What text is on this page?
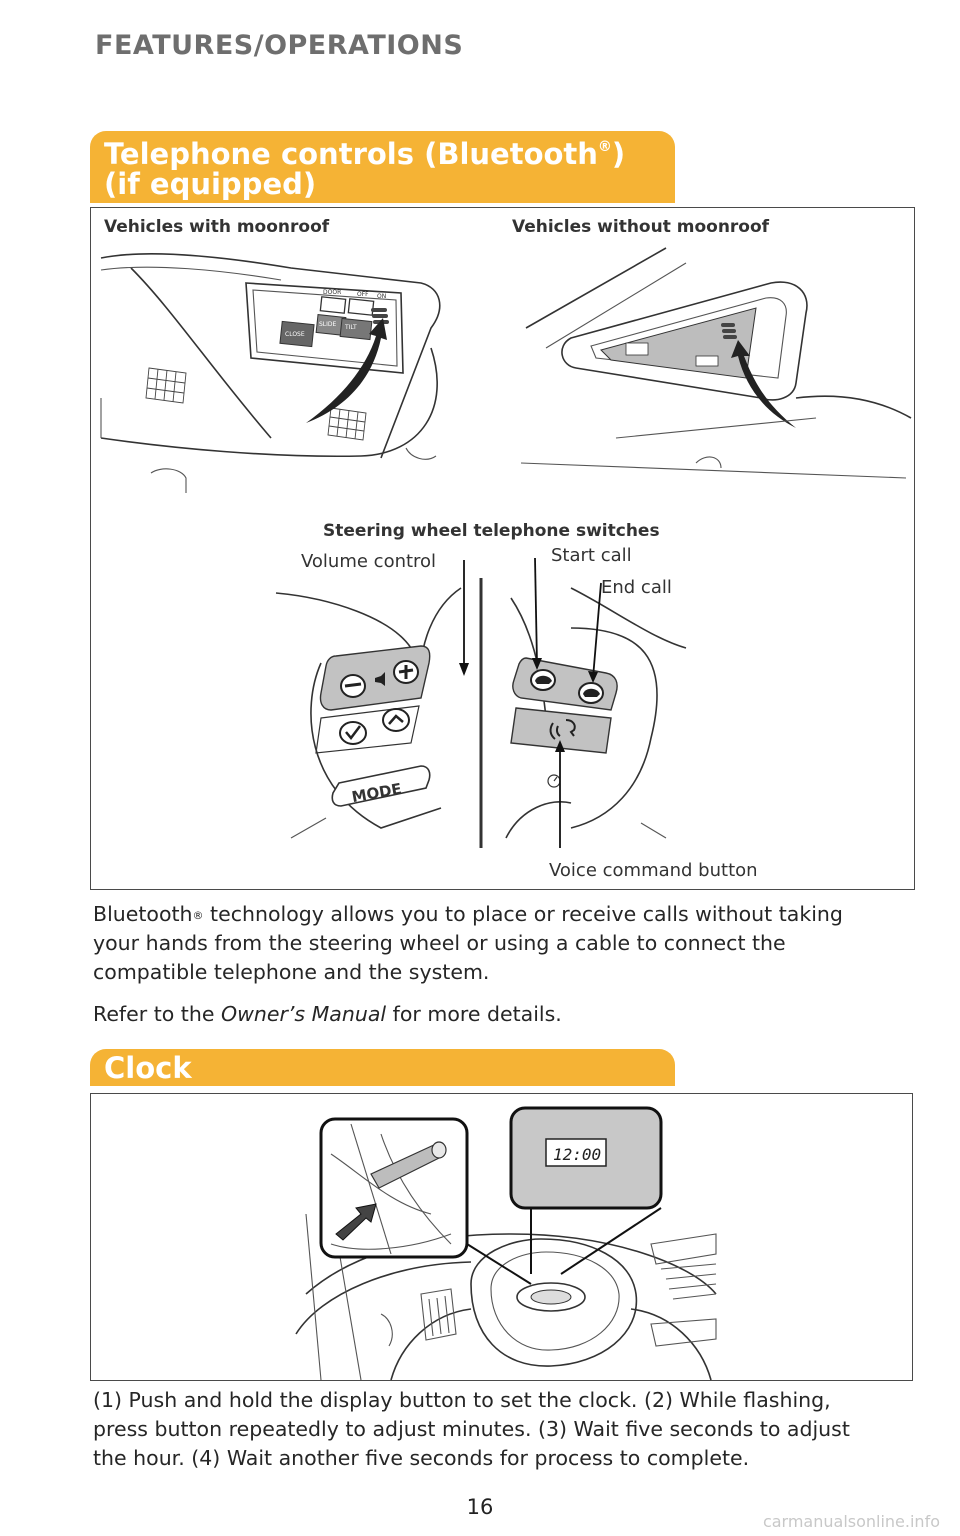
FEATURES/OPERATIONS
Telephone controls (Bluetooth®)
(if equipped)
Vehicles with moonroof	Vehicles without moonroof
DOOR	OFF ON
SLIDE TILT
CLOSE
Steering wheel telephone switches
Volume control	Start call
End call
Voice command button
MODE
Bluetooth® technology allows you to place or receive calls without taking
your hands from the steering wheel or using a cable to connect the
compatible telephone and the system.
Refer to the Owner’s Manual for more details.
Clock
12:00
(1) Push and hold the display button to set the clock. (2) While flashing,
press button repeatedly to adjust minutes. (3) Wait five seconds to adjust
the hour. (4) Wait another five seconds for process to complete.
16
carmanualsonline.info
